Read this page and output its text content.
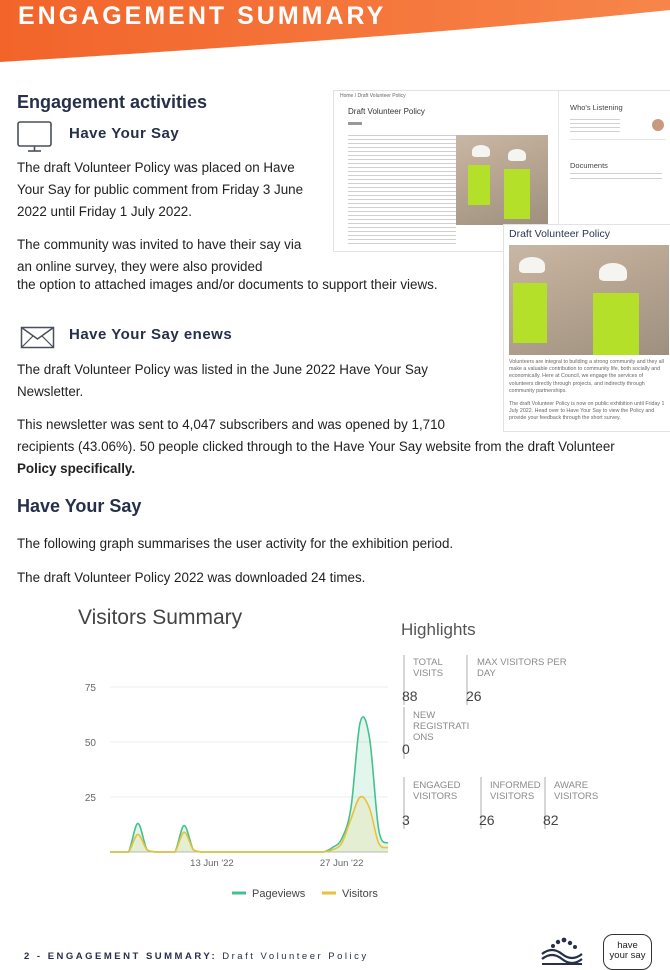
ENGAGEMENT SUMMARY
Engagement activities
Have Your Say
The draft Volunteer Policy was placed on Have Your Say for public comment from Friday 3 June 2022 until Friday 1 July 2022.
The community was invited to have their say via an online survey, they were also provided
the option to attached images and/or documents to support their views.
Have Your Say enews
The draft Volunteer Policy was listed in the June 2022 Have Your Say Newsletter.
This newsletter was sent to 4,047 subscribers and was opened by 1,710
recipients (43.06%). 50 people clicked through to the Have Your Say website from the draft Volunteer Policy specifically.
Have Your Say
The following graph summarises the user activity for the exhibition period.
The draft Volunteer Policy 2022 was downloaded 24 times.
Home / Draft Volunteer Policy
Draft Volunteer Policy	Who's Listening
Documents
Draft Volunteer Policy
Volunteers are integral to building a strong community and they all make a valuable contribution to community life, both socially and economically. Here at Council, we engage the services of volunteers directly through projects, and indirectly through community partnerships.
The draft Volunteer Policy is now on public exhibition until Friday 1 July 2022. Head over to Have Your Say to view the Policy and provide your feedback through the short survey.
Visitors Summary
25
50
75
13 Jun '22	27 Jun '22
Pageviews	Visitors
Highlights
TOTAL VISITS
88
MAX VISITORS PER DAY
26
NEW REGISTRATI ONS
0
ENGAGED VISITORS
3
INFORMED VISITORS
26
AWARE VISITORS
82
2 - ENGAGEMENT SUMMARY: Draft Volunteer Policy
have your say
